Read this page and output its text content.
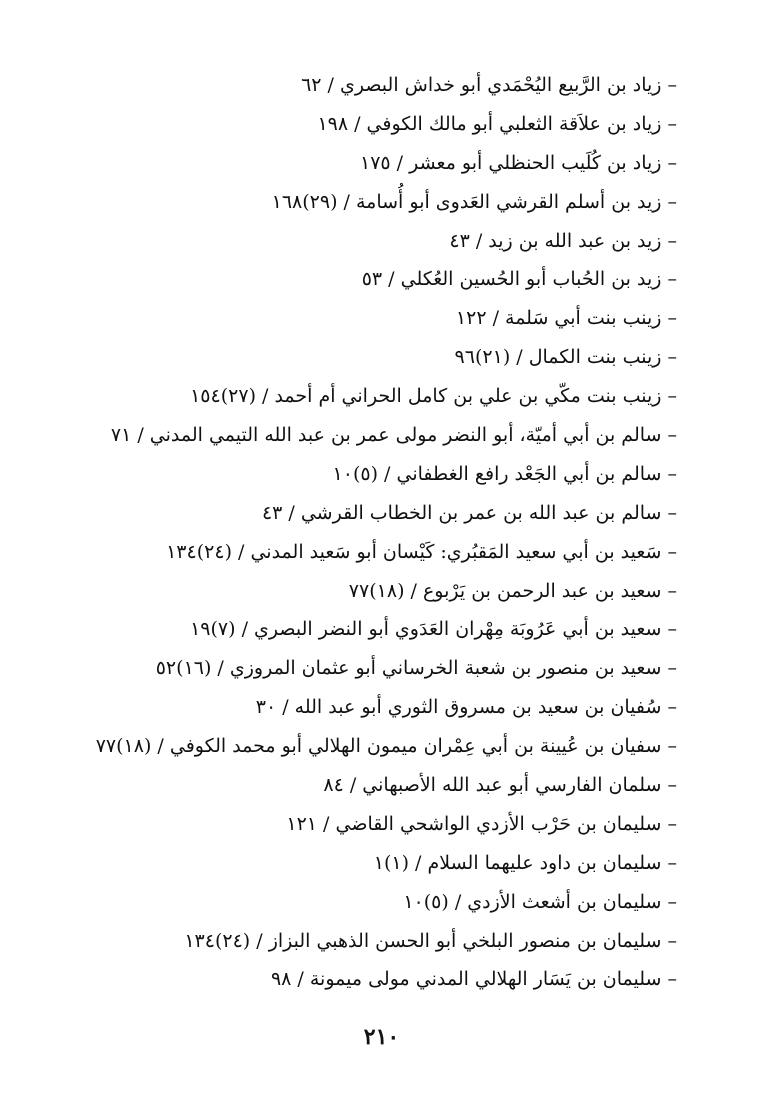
– زياد بن الرَّبيع اليُحْمَدي أبو خداش البصري / ٦٢
– زياد بن علاَقة الثعلبي أبو مالك الكوفي / ١٩٨
– زياد بن كُلَيب الحنظلي أبو معشر / ١٧٥
– زيد بن أسلم القرشي العَدوى أبو أُسامة / (٢٩)١٦٨
– زيد بن عبد الله بن زيد / ٤٣
– زيد بن الحُباب أبو الحُسين العُكلي / ٥٣
– زينب بنت أبي سَلمة / ١٢٢
– زينب بنت الكمال / (٢١)٩٦
– زينب بنت مكّي بن علي بن كامل الحراني أم أحمد / (٢٧)١٥٤
– سالم بن أبي أميّة، أبو النضر مولى عمر بن عبد الله التيمي المدني / ٧١
– سالم بن أبي الجَعْد رافع الغطفاني / (٥)١٠
– سالم بن عبد الله بن عمر بن الخطاب القرشي / ٤٣
– سَعيد بن أبي سعيد المَقبُري: كَيْسان أبو سَعيد المدني / (٢٤)١٣٤
– سعيد بن عبد الرحمن بن يَرْبوع / (١٨)٧٧
– سعيد بن أبي عَرُوبَة مِهْران العَدَوي أبو النضر البصري / (٧)١٩
– سعيد بن منصور بن شعبة الخرساني أبو عثمان المروزي / (١٦)٥٢
– سُفيان بن سعيد بن مسروق الثوري أبو عبد الله / ٣٠
– سفيان بن عُيينة بن أبي عِمْران ميمون الهلالي أبو محمد الكوفي / (١٨)٧٧
– سلمان الفارسي أبو عبد الله الأصبهاني / ٨٤
– سليمان بن حَرْب الأزدي الواشحي القاضي / ١٢١
– سليمان بن داود عليهما السلام / (١)١
– سليمان بن أشعث الأزدي / (٥)١٠
– سليمان بن منصور البلخي أبو الحسن الذهبي البزاز / (٢٤)١٣٤
– سليمان بن يَسَار الهلالي المدني مولى ميمونة / ٩٨
٢١٠
